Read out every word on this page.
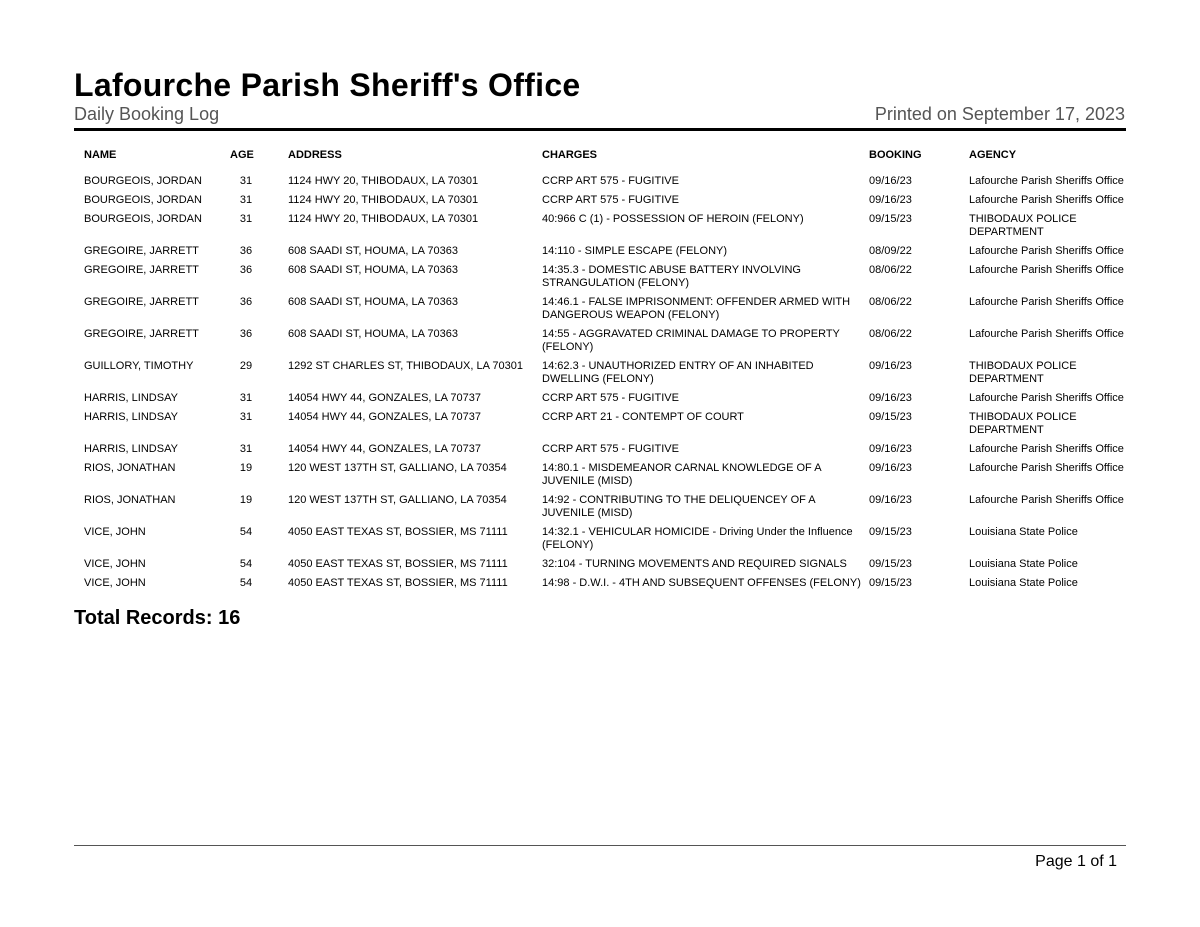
Lafourche Parish Sheriff's Office
Daily Booking Log	Printed on September 17, 2023
NAME	AGE	ADDRESS	CHARGES	BOOKING	AGENCY
BOURGEOIS, JORDAN	31	1124 HWY 20, THIBODAUX, LA 70301	CCRP ART 575 - FUGITIVE	09/16/23	Lafourche Parish Sheriffs Office
BOURGEOIS, JORDAN	31	1124 HWY 20, THIBODAUX, LA 70301	CCRP ART 575 - FUGITIVE	09/16/23	Lafourche Parish Sheriffs Office
BOURGEOIS, JORDAN	31	1124 HWY 20, THIBODAUX, LA 70301	40:966 C (1) - POSSESSION OF HEROIN (FELONY)	09/15/23	THIBODAUX POLICE DEPARTMENT
GREGOIRE, JARRETT	36	608 SAADI ST, HOUMA, LA 70363	14:110 - SIMPLE ESCAPE (FELONY)	08/09/22	Lafourche Parish Sheriffs Office
GREGOIRE, JARRETT	36	608 SAADI ST, HOUMA, LA 70363	14:35.3 - DOMESTIC ABUSE BATTERY INVOLVING STRANGULATION (FELONY)	08/06/22	Lafourche Parish Sheriffs Office
GREGOIRE, JARRETT	36	608 SAADI ST, HOUMA, LA 70363	14:46.1 - FALSE IMPRISONMENT: OFFENDER ARMED WITH DANGEROUS WEAPON (FELONY)	08/06/22	Lafourche Parish Sheriffs Office
GREGOIRE, JARRETT	36	608 SAADI ST, HOUMA, LA 70363	14:55 - AGGRAVATED CRIMINAL DAMAGE TO PROPERTY (FELONY)	08/06/22	Lafourche Parish Sheriffs Office
GUILLORY, TIMOTHY	29	1292 ST CHARLES ST, THIBODAUX, LA 70301	14:62.3 - UNAUTHORIZED ENTRY OF AN INHABITED DWELLING (FELONY)	09/16/23	THIBODAUX POLICE DEPARTMENT
HARRIS, LINDSAY	31	14054 HWY 44, GONZALES, LA 70737	CCRP ART 575 - FUGITIVE	09/16/23	Lafourche Parish Sheriffs Office
HARRIS, LINDSAY	31	14054 HWY 44, GONZALES, LA 70737	CCRP ART 21 - CONTEMPT OF COURT	09/15/23	THIBODAUX POLICE DEPARTMENT
HARRIS, LINDSAY	31	14054 HWY 44, GONZALES, LA 70737	CCRP ART 575 - FUGITIVE	09/16/23	Lafourche Parish Sheriffs Office
RIOS, JONATHAN	19	120 WEST 137TH ST, GALLIANO, LA 70354	14:80.1 - MISDEMEANOR CARNAL KNOWLEDGE OF A JUVENILE (MISD)	09/16/23	Lafourche Parish Sheriffs Office
RIOS, JONATHAN	19	120 WEST 137TH ST, GALLIANO, LA 70354	14:92 - CONTRIBUTING TO THE DELIQUENCEY OF A JUVENILE (MISD)	09/16/23	Lafourche Parish Sheriffs Office
VICE, JOHN	54	4050 EAST TEXAS ST, BOSSIER, MS 71111	14:32.1 - VEHICULAR HOMICIDE - Driving Under the Influence (FELONY)	09/15/23	Louisiana State Police
VICE, JOHN	54	4050 EAST TEXAS ST, BOSSIER, MS 71111	32:104 - TURNING MOVEMENTS AND REQUIRED SIGNALS	09/15/23	Louisiana State Police
VICE, JOHN	54	4050 EAST TEXAS ST, BOSSIER, MS 71111	14:98 - D.W.I. - 4TH AND SUBSEQUENT OFFENSES (FELONY)	09/15/23	Louisiana State Police
Total Records: 16
Page 1 of 1
